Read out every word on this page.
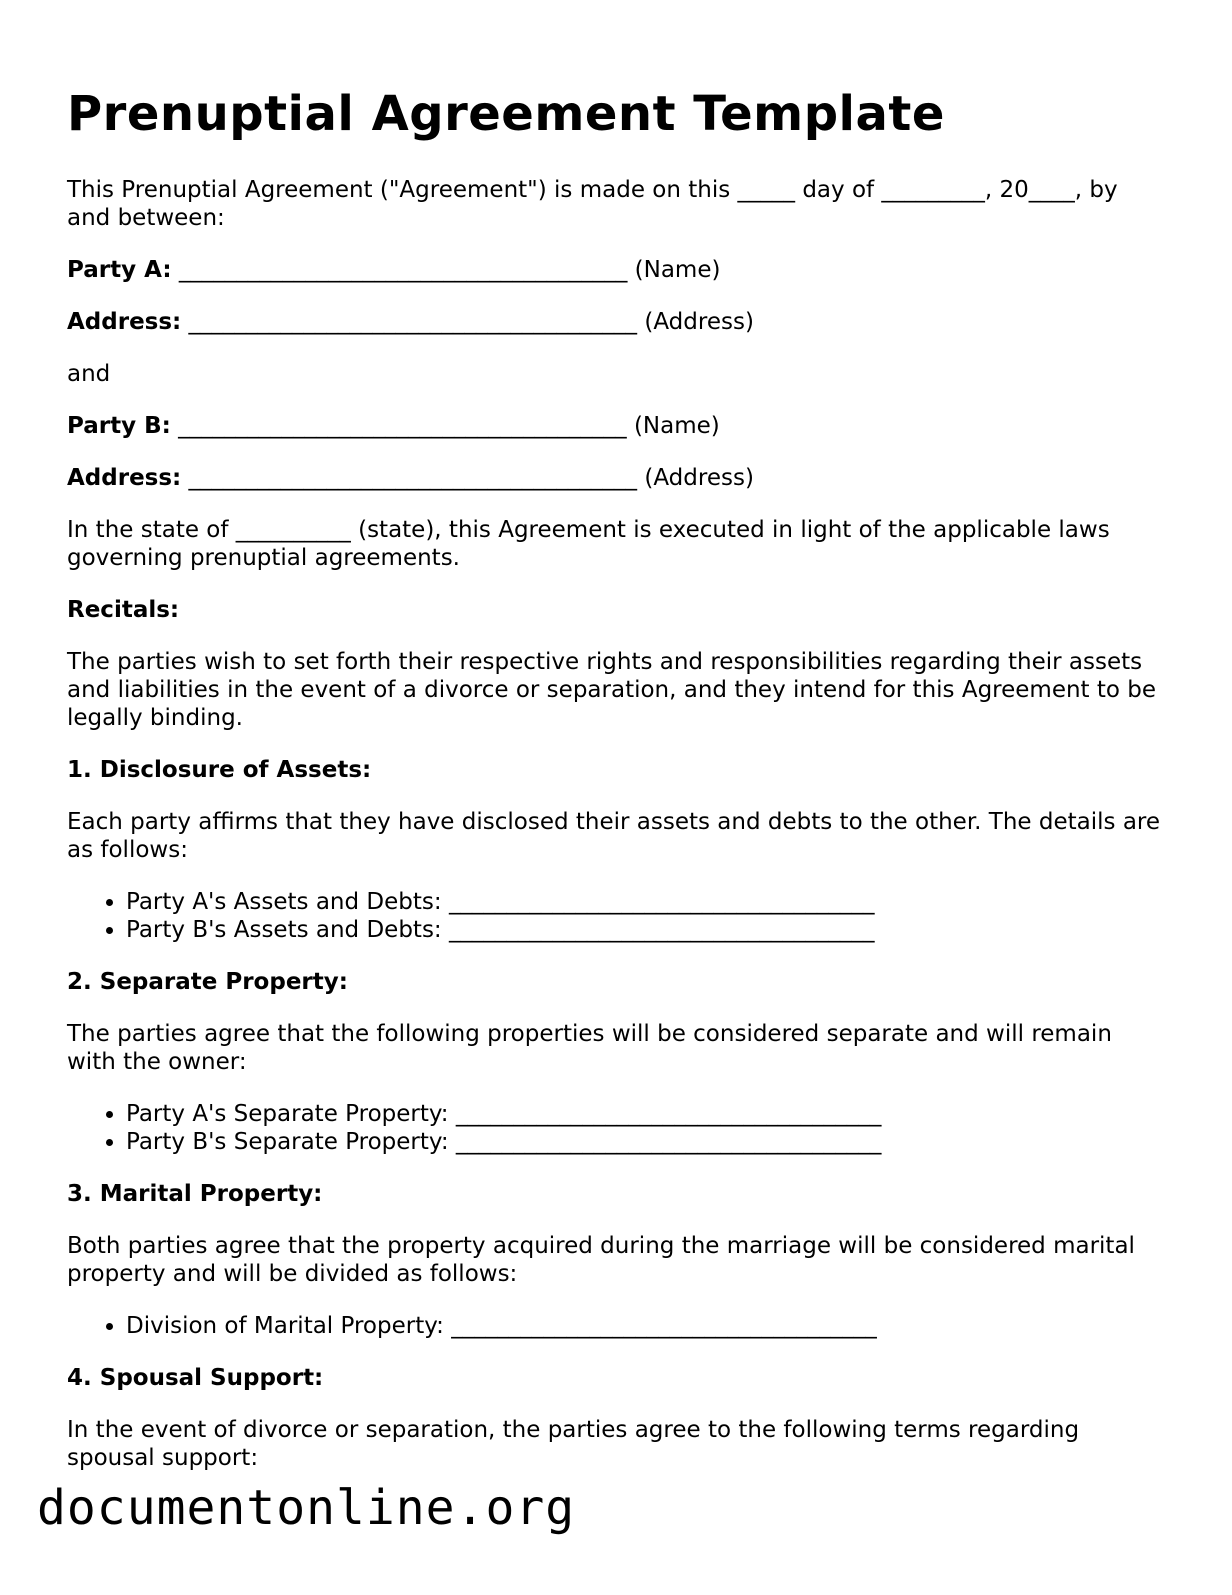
Prenuptial Agreement Template

This Prenuptial Agreement ("Agreement") is made on this _____ day of _________, 20____, by and between:

Party A: _______________________________________ (Name)

Address: _______________________________________ (Address)

and

Party B: _______________________________________ (Name)

Address: _______________________________________ (Address)

In the state of __________ (state), this Agreement is executed in light of the applicable laws governing prenuptial agreements.

Recitals:

The parties wish to set forth their respective rights and responsibilities regarding their assets and liabilities in the event of a divorce or separation, and they intend for this Agreement to be legally binding.

1. Disclosure of Assets:

Each party affirms that they have disclosed their assets and debts to the other. The details are as follows:

• Party A's Assets and Debts: _____________________________________
• Party B's Assets and Debts: _____________________________________

2. Separate Property:

The parties agree that the following properties will be considered separate and will remain with the owner:

• Party A's Separate Property: _____________________________________
• Party B's Separate Property: _____________________________________

3. Marital Property:

Both parties agree that the property acquired during the marriage will be considered marital property and will be divided as follows:

• Division of Marital Property: _____________________________________

4. Spousal Support:

In the event of divorce or separation, the parties agree to the following terms regarding spousal support:

documentonline.org
